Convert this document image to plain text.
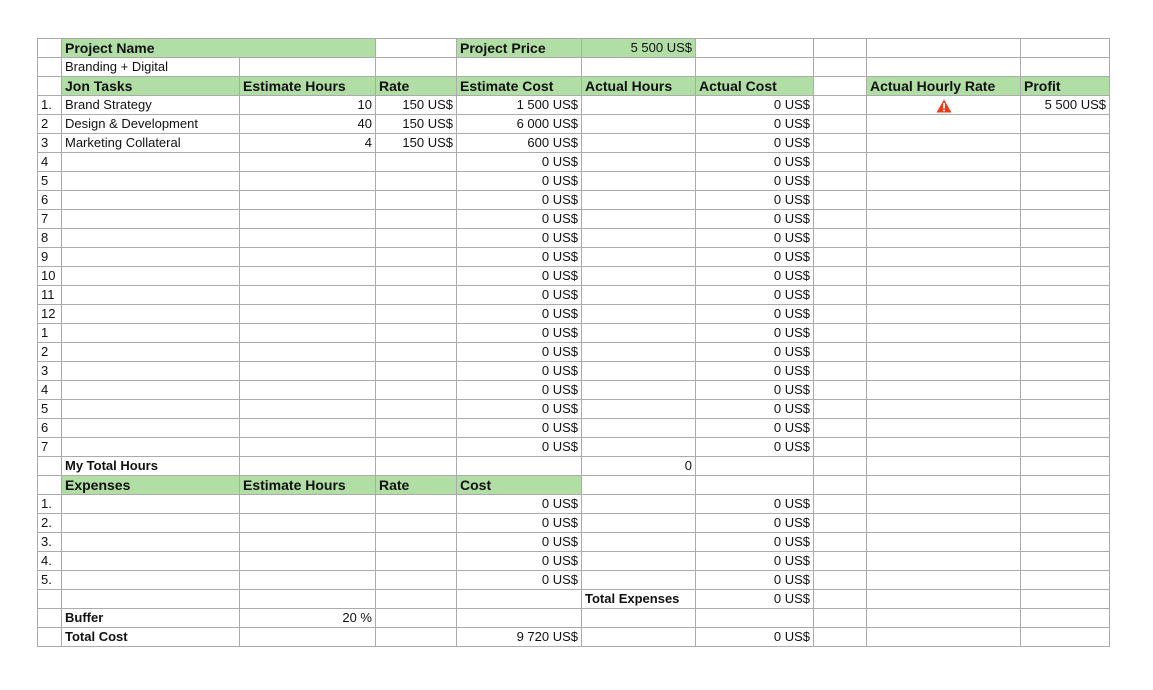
	Project Name			Project Price	5 500 US$				
	Branding + Digital								
	Jon Tasks	Estimate Hours	Rate	Estimate Cost	Actual Hours	Actual Cost		Actual Hourly Rate	Profit
1.	Brand Strategy	10	150 US$	1 500 US$		0 US$			5 500 US$
2	Design & Development	40	150 US$	6 000 US$		0 US$			
3	Marketing Collateral	4	150 US$	600 US$		0 US$			
4				0 US$		0 US$			
5				0 US$		0 US$			
6				0 US$		0 US$			
7				0 US$		0 US$			
8				0 US$		0 US$			
9				0 US$		0 US$			
10				0 US$		0 US$			
11				0 US$		0 US$			
12				0 US$		0 US$			
1				0 US$		0 US$			
2				0 US$		0 US$			
3				0 US$		0 US$			
4				0 US$		0 US$			
5				0 US$		0 US$			
6				0 US$		0 US$			
7				0 US$		0 US$			
	My Total Hours				0				
	Expenses	Estimate Hours	Rate	Cost					
1.				0 US$		0 US$			
2.				0 US$		0 US$			
3.				0 US$		0 US$			
4.				0 US$		0 US$			
5.				0 US$		0 US$			
					Total Expenses	0 US$			
	Buffer	20 %							
	Total Cost			9 720 US$		0 US$			
